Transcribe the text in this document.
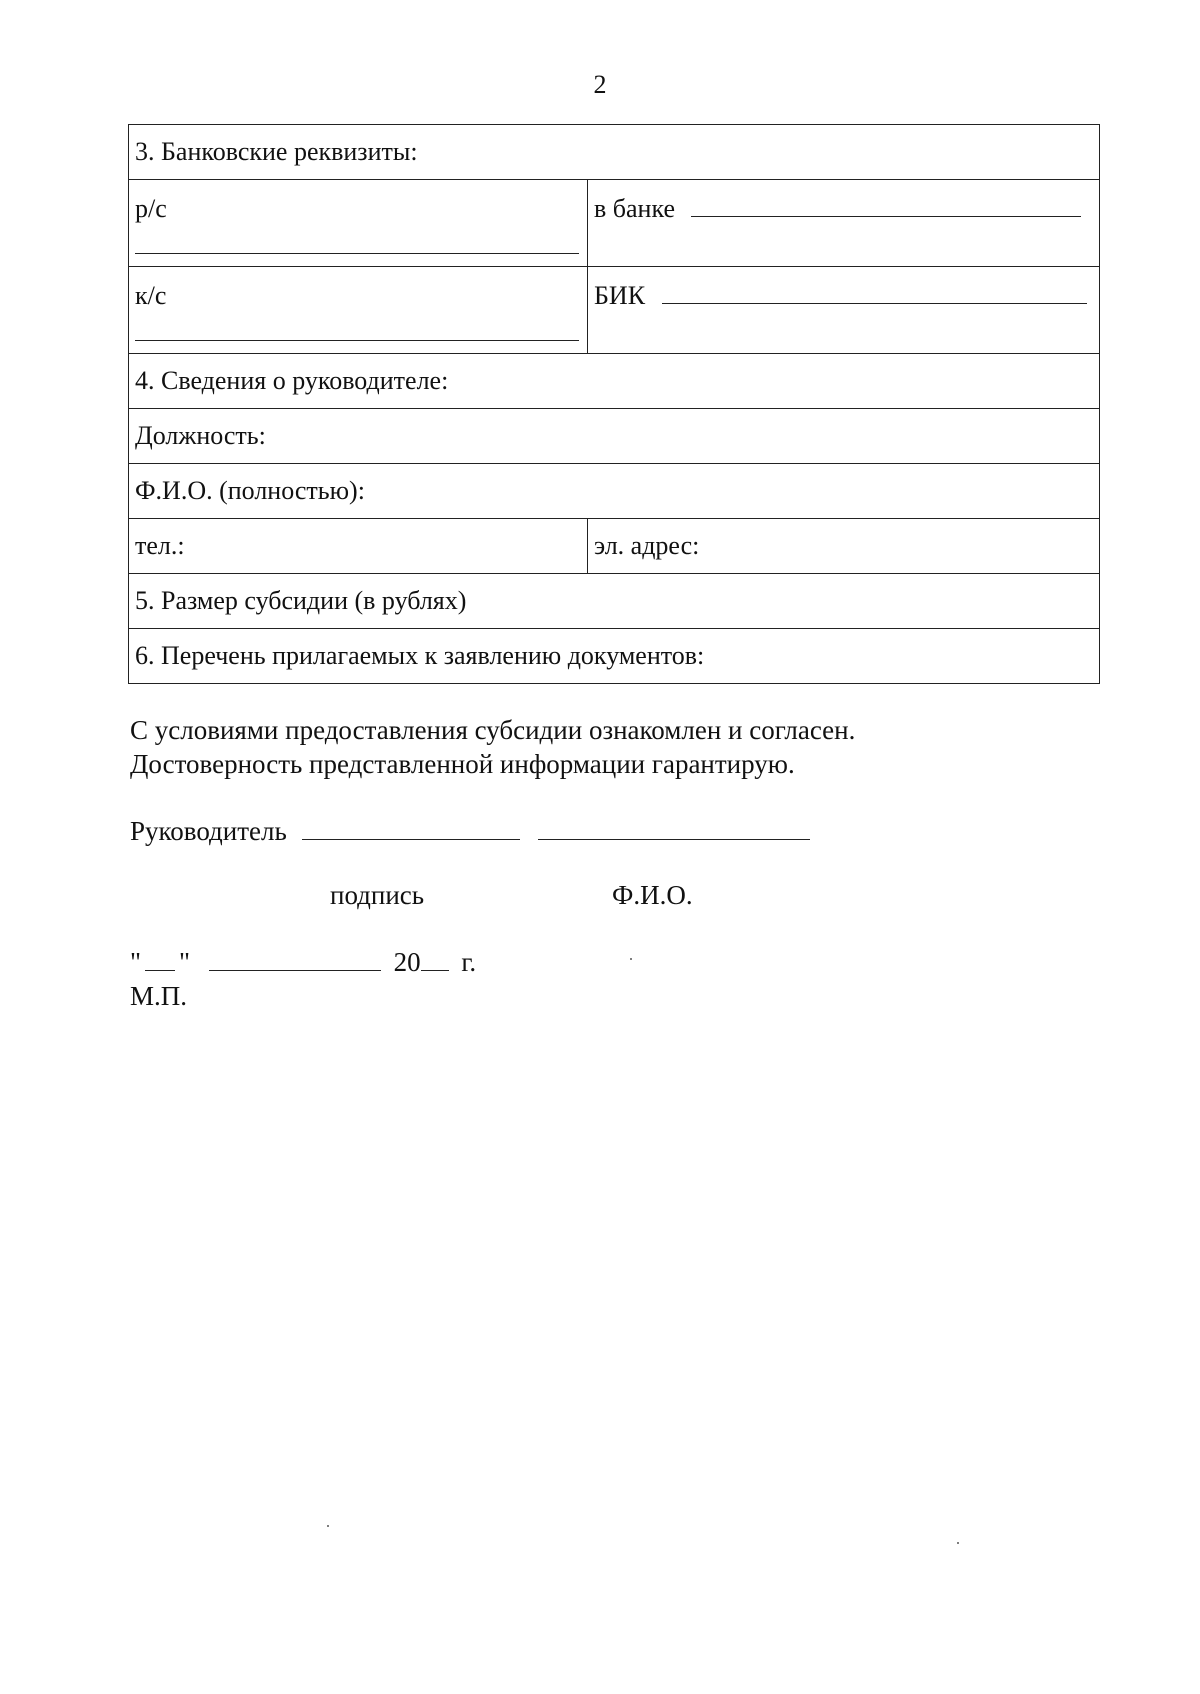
2
3. Банковские реквизиты:	
р/с	в банке
к/с	БИК
4. Сведения о руководителе:	
Должность:	
Ф.И.О. (полностью):	
тел.:	эл. адрес:
5. Размер субсидии (в рублях)	
6. Перечень прилагаемых к заявлению документов:	
С условиями предоставления субсидии ознакомлен и согласен.
Достоверность представленной информации гарантирую.
Руководитель
подпись	Ф.И.О.
" "	20 г.
М.П.
